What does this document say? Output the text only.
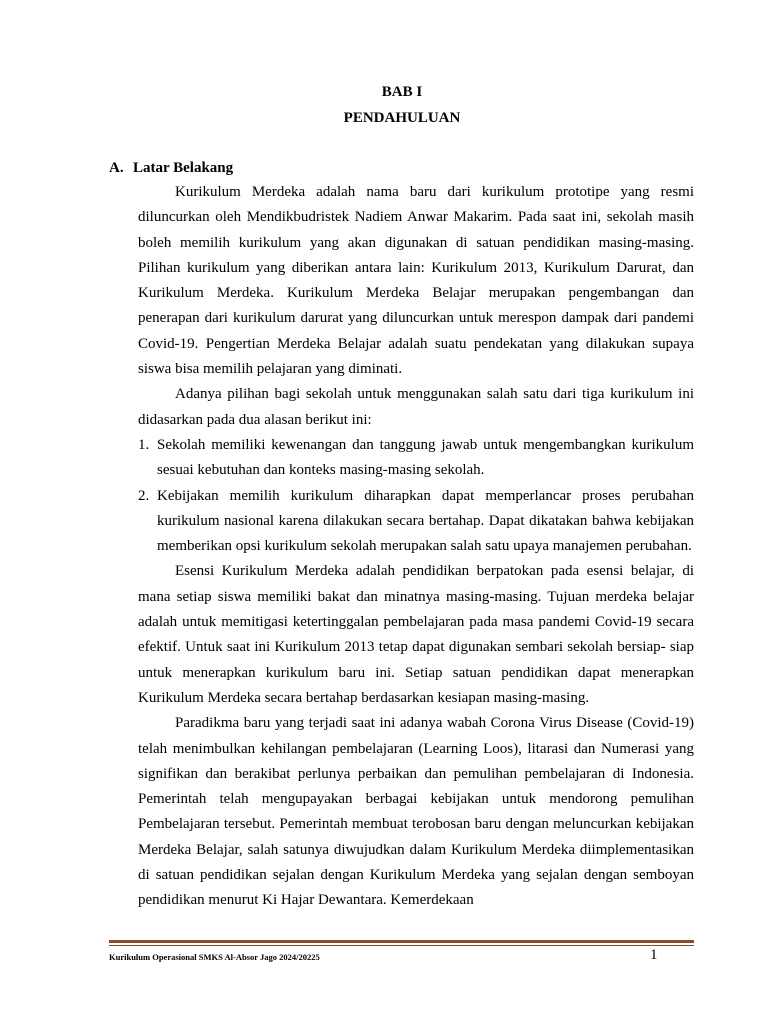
BAB I
PENDAHULUAN
A. Latar Belakang

Kurikulum Merdeka adalah nama baru dari kurikulum prototipe yang resmi diluncurkan oleh Mendikbudristek Nadiem Anwar Makarim. Pada saat ini, sekolah masih boleh memilih kurikulum yang akan digunakan di satuan pendidikan masing-masing. Pilihan kurikulum yang diberikan antara lain: Kurikulum 2013, Kurikulum Darurat, dan Kurikulum Merdeka. Kurikulum Merdeka Belajar merupakan pengembangan dan penerapan dari kurikulum darurat yang diluncurkan untuk merespon dampak dari pandemi Covid-19. Pengertian Merdeka Belajar adalah suatu pendekatan yang dilakukan supaya siswa bisa memilih pelajaran yang diminati.

Adanya pilihan bagi sekolah untuk menggunakan salah satu dari tiga kurikulum ini didasarkan pada dua alasan berikut ini:

1. Sekolah memiliki kewenangan dan tanggung jawab untuk mengembangkan kurikulum sesuai kebutuhan dan konteks masing-masing sekolah.
2. Kebijakan memilih kurikulum diharapkan dapat memperlancar proses perubahan kurikulum nasional karena dilakukan secara bertahap. Dapat dikatakan bahwa kebijakan memberikan opsi kurikulum sekolah merupakan salah satu upaya manajemen perubahan.

Esensi Kurikulum Merdeka adalah pendidikan berpatokan pada esensi belajar, di mana setiap siswa memiliki bakat dan minatnya masing-masing. Tujuan merdeka belajar adalah untuk memitigasi ketertinggalan pembelajaran pada masa pandemi Covid-19 secara efektif. Untuk saat ini Kurikulum 2013 tetap dapat digunakan sembari sekolah bersiap- siap untuk menerapkan kurikulum baru ini. Setiap satuan pendidikan dapat menerapkan Kurikulum Merdeka secara bertahap berdasarkan kesiapan masing-masing.

Paradikma baru yang terjadi saat ini adanya wabah Corona Virus Disease (Covid-19) telah menimbulkan kehilangan pembelajaran (Learning Loos), litarasi dan Numerasi yang signifikan dan berakibat perlunya perbaikan dan pemulihan pembelajaran di Indonesia. Pemerintah telah mengupayakan berbagai kebijakan untuk mendorong pemulihan Pembelajaran tersebut. Pemerintah membuat terobosan baru dengan meluncurkan kebijakan Merdeka Belajar, salah satunya diwujudkan dalam Kurikulum Merdeka diimplementasikan di satuan pendidikan sejalan dengan Kurikulum Merdeka yang sejalan dengan semboyan pendidikan menurut Ki Hajar Dewantara. Kemerdekaan

Kurikulum Operasional SMKS Al-Absor Jago 2024/20225	1
